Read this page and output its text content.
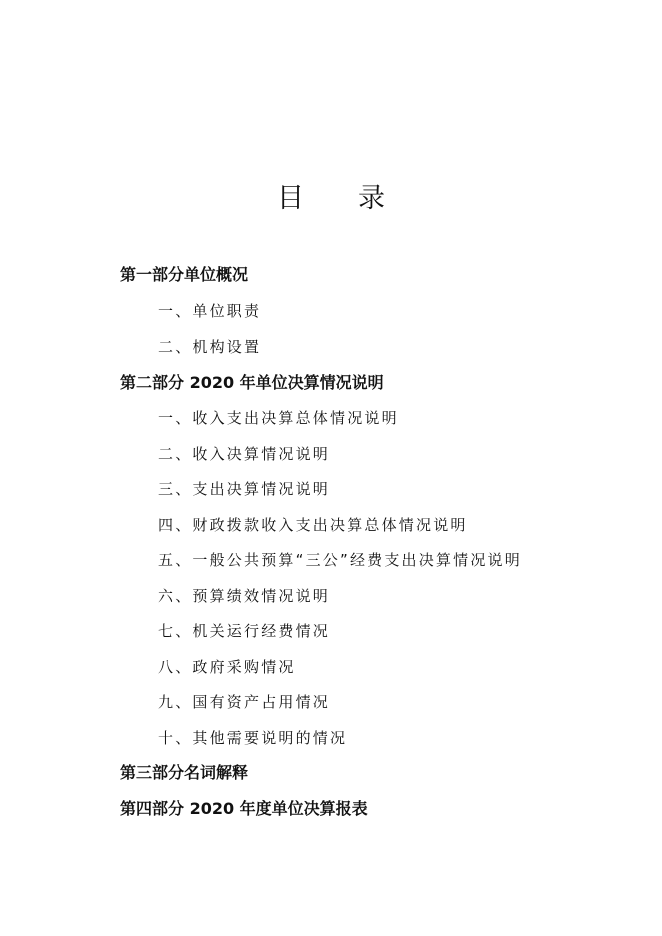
目 录
第一部分单位概况
一、单位职责
二、机构设置
第二部分 2020 年单位决算情况说明
一、收入支出决算总体情况说明
二、收入决算情况说明
三、支出决算情况说明
四、财政拨款收入支出决算总体情况说明
五、一般公共预算“三公”经费支出决算情况说明
六、预算绩效情况说明
七、机关运行经费情况
八、政府采购情况
九、国有资产占用情况
十、其他需要说明的情况
第三部分名词解释
第四部分 2020 年度单位决算报表
